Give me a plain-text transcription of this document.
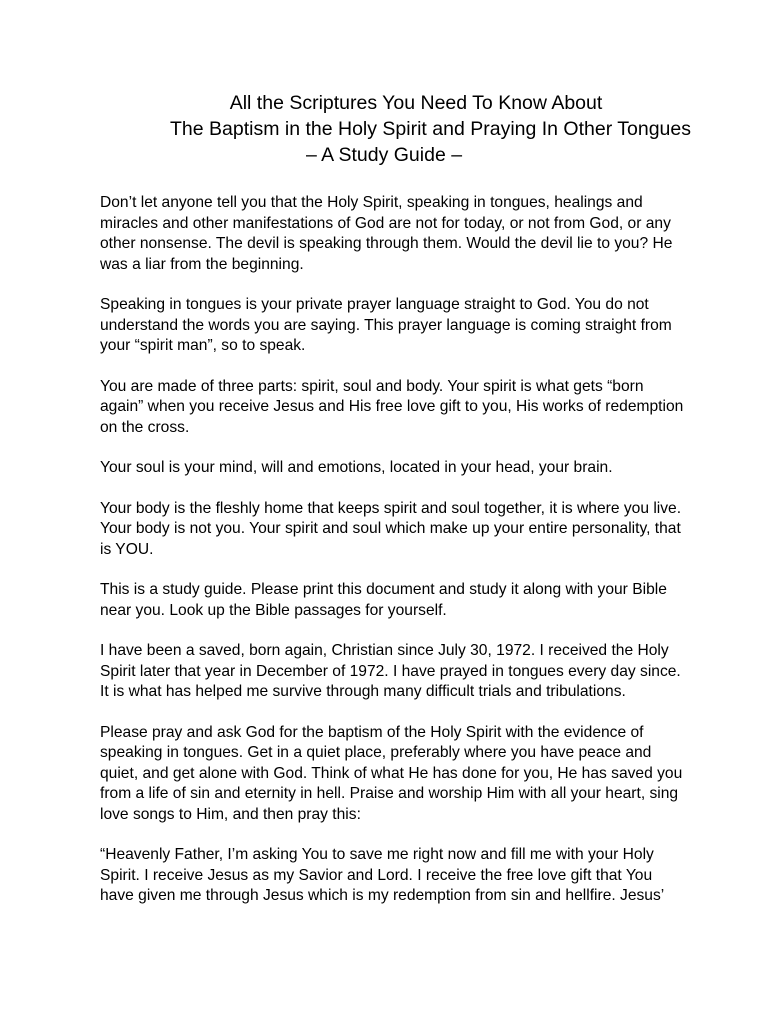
All the Scriptures You Need To Know About
The Baptism in the Holy Spirit and Praying In Other Tongues
– A Study Guide –

Don’t let anyone tell you that the Holy Spirit, speaking in tongues, healings and
miracles and other manifestations of God are not for today, or not from God, or any
other nonsense. The devil is speaking through them. Would the devil lie to you? He
was a liar from the beginning.

Speaking in tongues is your private prayer language straight to God. You do not
understand the words you are saying. This prayer language is coming straight from
your “spirit man”, so to speak.

You are made of three parts: spirit, soul and body. Your spirit is what gets “born
again” when you receive Jesus and His free love gift to you, His works of redemption
on the cross.

Your soul is your mind, will and emotions, located in your head, your brain.

Your body is the fleshly home that keeps spirit and soul together, it is where you live.
Your body is not you. Your spirit and soul which make up your entire personality, that
is YOU.

This is a study guide. Please print this document and study it along with your Bible
near you. Look up the Bible passages for yourself.

I have been a saved, born again, Christian since July 30, 1972. I received the Holy
Spirit later that year in December of 1972. I have prayed in tongues every day since.
It is what has helped me survive through many difficult trials and tribulations.

Please pray and ask God for the baptism of the Holy Spirit with the evidence of
speaking in tongues. Get in a quiet place, preferably where you have peace and
quiet, and get alone with God. Think of what He has done for you, He has saved you
from a life of sin and eternity in hell. Praise and worship Him with all your heart, sing
love songs to Him, and then pray this:

“Heavenly Father, I’m asking You to save me right now and fill me with your Holy
Spirit. I receive Jesus as my Savior and Lord. I receive the free love gift that You
have given me through Jesus which is my redemption from sin and hellfire. Jesus’
